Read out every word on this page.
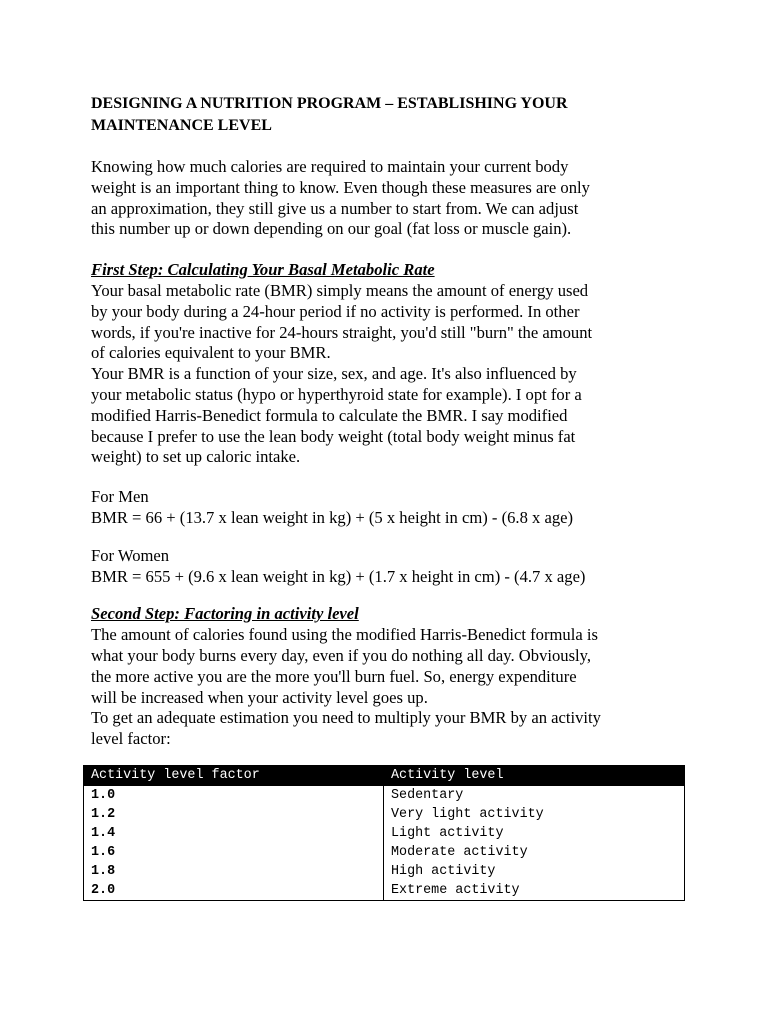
DESIGNING A NUTRITION PROGRAM – ESTABLISHING YOUR
MAINTENANCE LEVEL

Knowing how much calories are required to maintain your current body
weight is an important thing to know. Even though these measures are only
an approximation, they still give us a number to start from. We can adjust
this number up or down depending on our goal (fat loss or muscle gain).

First Step: Calculating Your Basal Metabolic Rate

Your basal metabolic rate (BMR) simply means the amount of energy used
by your body during a 24-hour period if no activity is performed. In other
words, if you're inactive for 24-hours straight, you'd still "burn" the amount
of calories equivalent to your BMR.
Your BMR is a function of your size, sex, and age. It's also influenced by
your metabolic status (hypo or hyperthyroid state for example). I opt for a
modified Harris-Benedict formula to calculate the BMR. I say modified
because I prefer to use the lean body weight (total body weight minus fat
weight) to set up caloric intake.

For Men
BMR = 66 + (13.7 x lean weight in kg) + (5 x height in cm) - (6.8 x age)

For Women
BMR = 655 + (9.6 x lean weight in kg) + (1.7 x height in cm) - (4.7 x age)

Second Step: Factoring in activity level

The amount of calories found using the modified Harris-Benedict formula is
what your body burns every day, even if you do nothing all day. Obviously,
the more active you are the more you'll burn fuel. So, energy expenditure
will be increased when your activity level goes up.
To get an adequate estimation you need to multiply your BMR by an activity
level factor:

Activity level factor	Activity level
1.0	Sedentary
1.2	Very light activity
1.4	Light activity
1.6	Moderate activity
1.8	High activity
2.0	Extreme activity
